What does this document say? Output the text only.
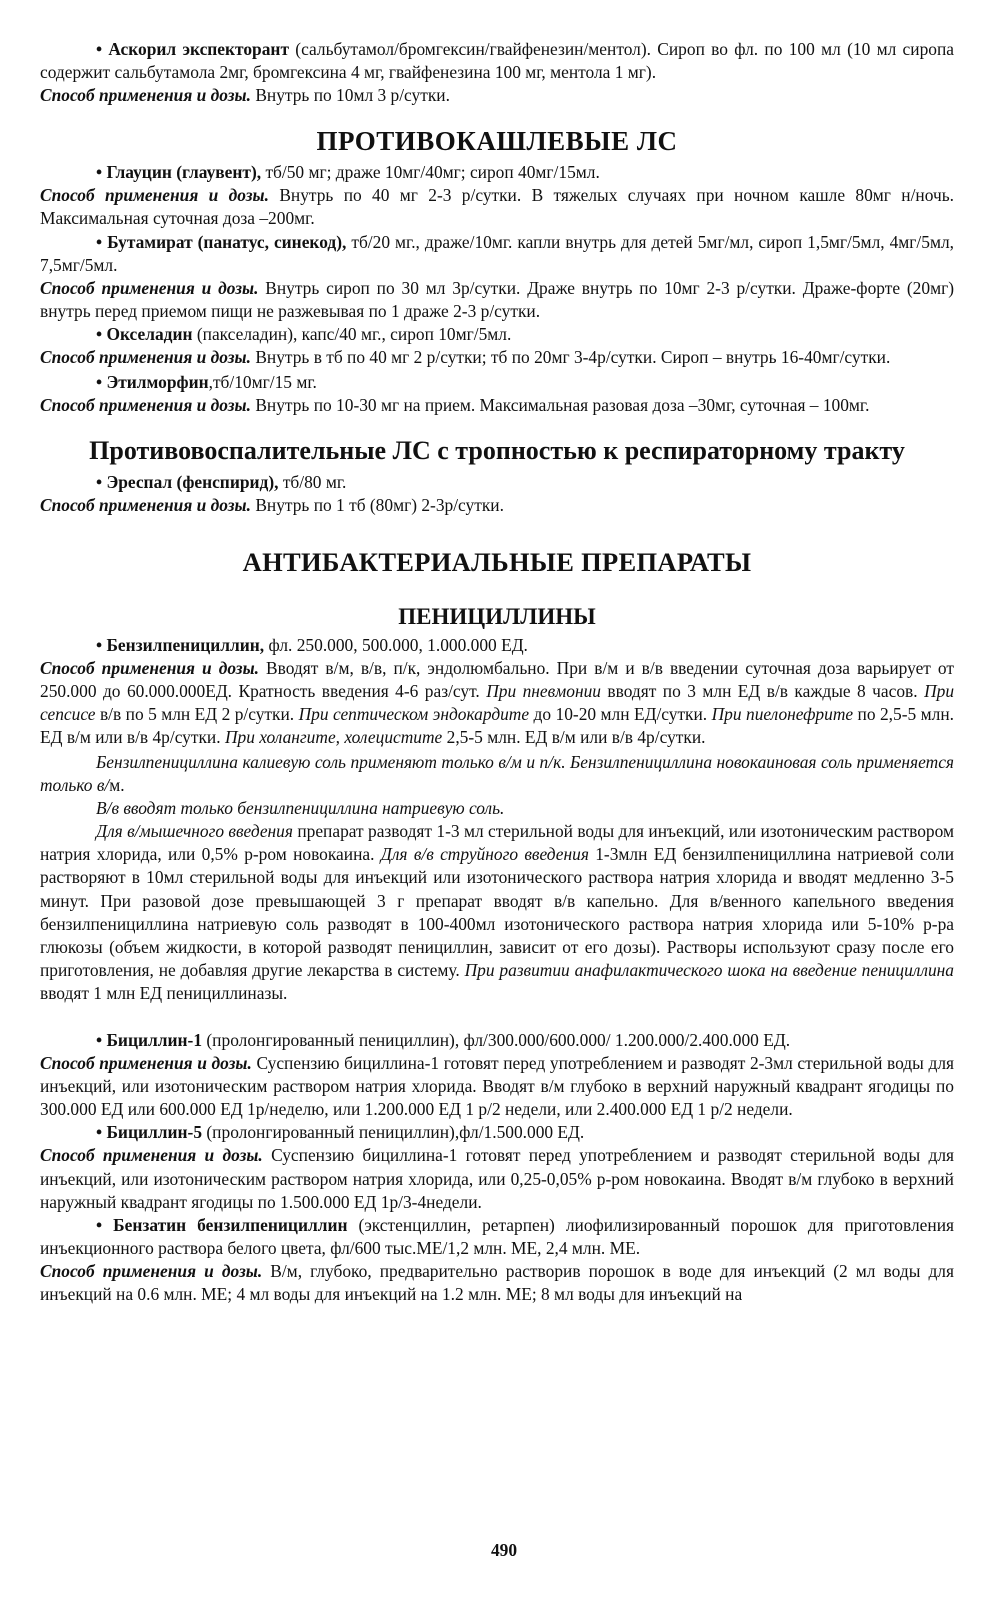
• Аскорил экспекторант (сальбутамол/бромгексин/гвайфенезин/ментол). Сироп во фл. по 100 мл (10 мл сиропа содержит сальбутамола 2мг, бромгексина 4 мг, гвайфенезина 100 мг, ментола 1 мг).

Способ применения и дозы. Внутрь по 10мл 3 р/сутки.

ПРОТИВОКАШЛЕВЫЕ ЛС

• Глауцин (глаувент), тб/50 мг; драже 10мг/40мг; сироп 40мг/15мл.

Способ применения и дозы. Внутрь по 40 мг 2-3 р/сутки. В тяжелых случаях при ночном кашле 80мг н/ночь. Максимальная суточная доза –200мг.

• Бутамират (панатус, синекод), тб/20 мг., драже/10мг. капли внутрь для детей 5мг/мл, сироп 1,5мг/5мл, 4мг/5мл, 7,5мг/5мл.

Способ применения и дозы. Внутрь сироп по 30 мл 3р/сутки. Драже внутрь по 10мг 2-3 р/сутки. Драже-форте (20мг) внутрь перед приемом пищи не разжевывая по 1 драже 2-3 р/сутки.

• Окселадин (пакселадин), капс/40 мг., сироп 10мг/5мл.

Способ применения и дозы. Внутрь в тб по 40 мг 2 р/сутки; тб по 20мг 3-4р/сутки. Сироп – внутрь 16-40мг/сутки.

• Этилморфин,тб/10мг/15 мг.

Способ применения и дозы. Внутрь по 10-30 мг на прием. Максимальная разовая доза –30мг, суточная – 100мг.

Противовоспалительные ЛС с тропностью к респираторному тракту

• Эреспал (фенспирид), тб/80 мг.

Способ применения и дозы. Внутрь по 1 тб (80мг) 2-3р/сутки.

АНТИБАКТЕРИАЛЬНЫЕ ПРЕПАРАТЫ
ПЕНИЦИЛЛИНЫ

• Бензилпенициллин, фл. 250.000, 500.000, 1.000.000 ЕД.

Способ применения и дозы. Вводят в/м, в/в, п/к, эндолюмбально. При в/м и в/в введении суточная доза варьирует от 250.000 до 60.000.000ЕД. Кратность введения 4-6 раз/сут. При пневмонии вводят по 3 млн ЕД в/в каждые 8 часов. При сепсисе в/в по 5 млн ЕД 2 р/сутки. При септическом эндокардите до 10-20 млн ЕД/сутки. При пиелонефрите по 2,5-5 млн. ЕД в/м или в/в 4р/сутки. При холангите, холецистите 2,5-5 млн. ЕД в/м или в/в 4р/сутки.

Бензилпенициллина калиевую соль применяют только в/м и п/к. Бензилпенициллина новокаиновая соль применяется только в/м.

В/в вводят только бензилпенициллина натриевую соль.

Для в/мышечного введения препарат разводят 1-3 мл стерильной воды для инъекций, или изотоническим раствором натрия хлорида, или 0,5% р-ром новокаина. Для в/в струйного введения 1-3млн ЕД бензилпенициллина натриевой соли растворяют в 10мл стерильной воды для инъекций или изотонического раствора натрия хлорида и вводят медленно 3-5 минут. При разовой дозе превышающей 3 г препарат вводят в/в капельно. Для в/венного капельного введения бензилпенициллина натриевую соль разводят в 100-400мл изотонического раствора натрия хлорида или 5-10% р-ра глюкозы (объем жидкости, в которой разводят пенициллин, зависит от его дозы). Растворы используют сразу после его приготовления, не добавляя другие лекарства в систему. При развитии анафилактического шока на введение пенициллина вводят 1 млн ЕД пенициллиназы.

• Бициллин-1 (пролонгированный пенициллин), фл/300.000/600.000/ 1.200.000/2.400.000 ЕД.

Способ применения и дозы. Суспензию бициллина-1 готовят перед употреблением и разводят 2-3мл стерильной воды для инъекций, или изотоническим раствором натрия хлорида. Вводят в/м глубоко в верхний наружный квадрант ягодицы по 300.000 ЕД или 600.000 ЕД 1р/неделю, или 1.200.000 ЕД 1 р/2 недели, или 2.400.000 ЕД 1 р/2 недели.

• Бициллин-5 (пролонгированный пенициллин),фл/1.500.000 ЕД.

Способ применения и дозы. Суспензию бициллина-1 готовят перед употреблением и разводят стерильной воды для инъекций, или изотоническим раствором натрия хлорида, или 0,25-0,05% р-ром новокаина. Вводят в/м глубоко в верхний наружный квадрант ягодицы по 1.500.000 ЕД 1р/3-4недели.

• Бензатин бензилпенициллин (экстенциллин, ретарпен) лиофилизированный порошок для приготовления инъекционного раствора белого цвета, фл/600 тыс.МЕ/1,2 млн. МЕ, 2,4 млн. МЕ.

Способ применения и дозы. В/м, глубоко, предварительно растворив порошок в воде для инъекций (2 мл воды для инъекций на 0.6 млн. МЕ; 4 мл воды для инъекций на 1.2 млн. МЕ; 8 мл воды для инъекций на

490
